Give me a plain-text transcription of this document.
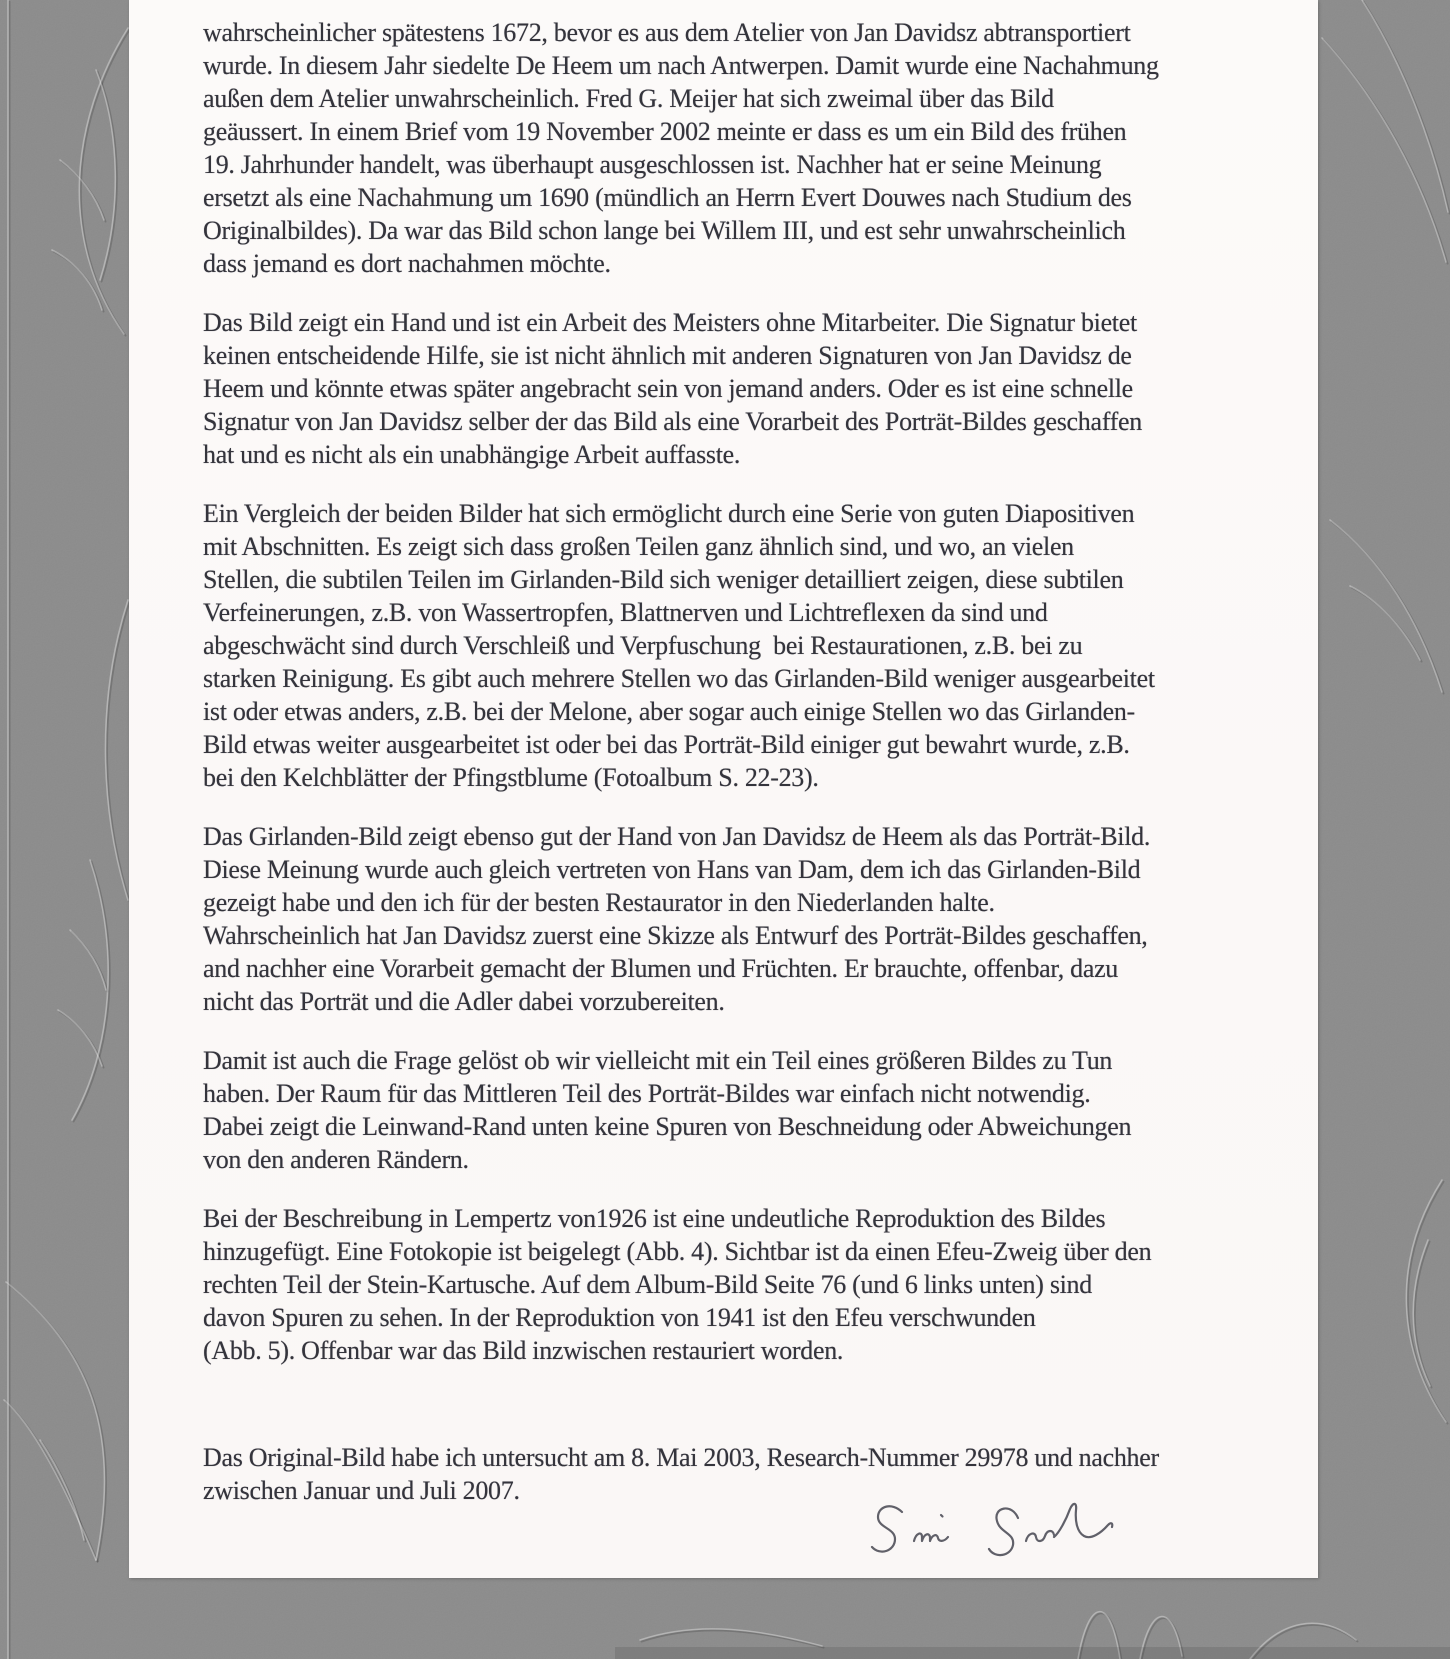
wahrscheinlicher spätestens 1672, bevor es aus dem Atelier von Jan Davidsz abtransportiert
wurde. In diesem Jahr siedelte De Heem um nach Antwerpen. Damit wurde eine Nachahmung
außen dem Atelier unwahrscheinlich. Fred G. Meijer hat sich zweimal über das Bild
geäussert. In einem Brief vom 19 November 2002 meinte er dass es um ein Bild des frühen
19. Jahrhunder handelt, was überhaupt ausgeschlossen ist. Nachher hat er seine Meinung
ersetzt als eine Nachahmung um 1690 (mündlich an Herrn Evert Douwes nach Studium des
Originalbildes). Da war das Bild schon lange bei Willem III, und est sehr unwahrscheinlich
dass jemand es dort nachahmen möchte.

Das Bild zeigt ein Hand und ist ein Arbeit des Meisters ohne Mitarbeiter. Die Signatur bietet
keinen entscheidende Hilfe, sie ist nicht ähnlich mit anderen Signaturen von Jan Davidsz de
Heem und könnte etwas später angebracht sein von jemand anders. Oder es ist eine schnelle
Signatur von Jan Davidsz selber der das Bild als eine Vorarbeit des Porträt-Bildes geschaffen
hat und es nicht als ein unabhängige Arbeit auffasste.

Ein Vergleich der beiden Bilder hat sich ermöglicht durch eine Serie von guten Diapositiven
mit Abschnitten. Es zeigt sich dass großen Teilen ganz ähnlich sind, und wo, an vielen
Stellen, die subtilen Teilen im Girlanden-Bild sich weniger detailliert zeigen, diese subtilen
Verfeinerungen, z.B. von Wassertropfen, Blattnerven und Lichtreflexen da sind und
abgeschwächt sind durch Verschleiß und Verpfuschung  bei Restaurationen, z.B. bei zu
starken Reinigung. Es gibt auch mehrere Stellen wo das Girlanden-Bild weniger ausgearbeitet
ist oder etwas anders, z.B. bei der Melone, aber sogar auch einige Stellen wo das Girlanden-
Bild etwas weiter ausgearbeitet ist oder bei das Porträt-Bild einiger gut bewahrt wurde, z.B.
bei den Kelchblätter der Pfingstblume (Fotoalbum S. 22-23).

Das Girlanden-Bild zeigt ebenso gut der Hand von Jan Davidsz de Heem als das Porträt-Bild.
Diese Meinung wurde auch gleich vertreten von Hans van Dam, dem ich das Girlanden-Bild
gezeigt habe und den ich für der besten Restaurator in den Niederlanden halte.
Wahrscheinlich hat Jan Davidsz zuerst eine Skizze als Entwurf des Porträt-Bildes geschaffen,
and nachher eine Vorarbeit gemacht der Blumen und Früchten. Er brauchte, offenbar, dazu
nicht das Porträt und die Adler dabei vorzubereiten.

Damit ist auch die Frage gelöst ob wir vielleicht mit ein Teil eines größeren Bildes zu Tun
haben. Der Raum für das Mittleren Teil des Porträt-Bildes war einfach nicht notwendig.
Dabei zeigt die Leinwand-Rand unten keine Spuren von Beschneidung oder Abweichungen
von den anderen Rändern.

Bei der Beschreibung in Lempertz von1926 ist eine undeutliche Reproduktion des Bildes
hinzugefügt. Eine Fotokopie ist beigelegt (Abb. 4). Sichtbar ist da einen Efeu-Zweig über den
rechten Teil der Stein-Kartusche. Auf dem Album-Bild Seite 76 (und 6 links unten) sind
davon Spuren zu sehen. In der Reproduktion von 1941 ist den Efeu verschwunden
(Abb. 5). Offenbar war das Bild inzwischen restauriert worden.

Das Original-Bild habe ich untersucht am 8. Mai 2003, Research-Nummer 29978 und nachher
zwischen Januar und Juli 2007.
